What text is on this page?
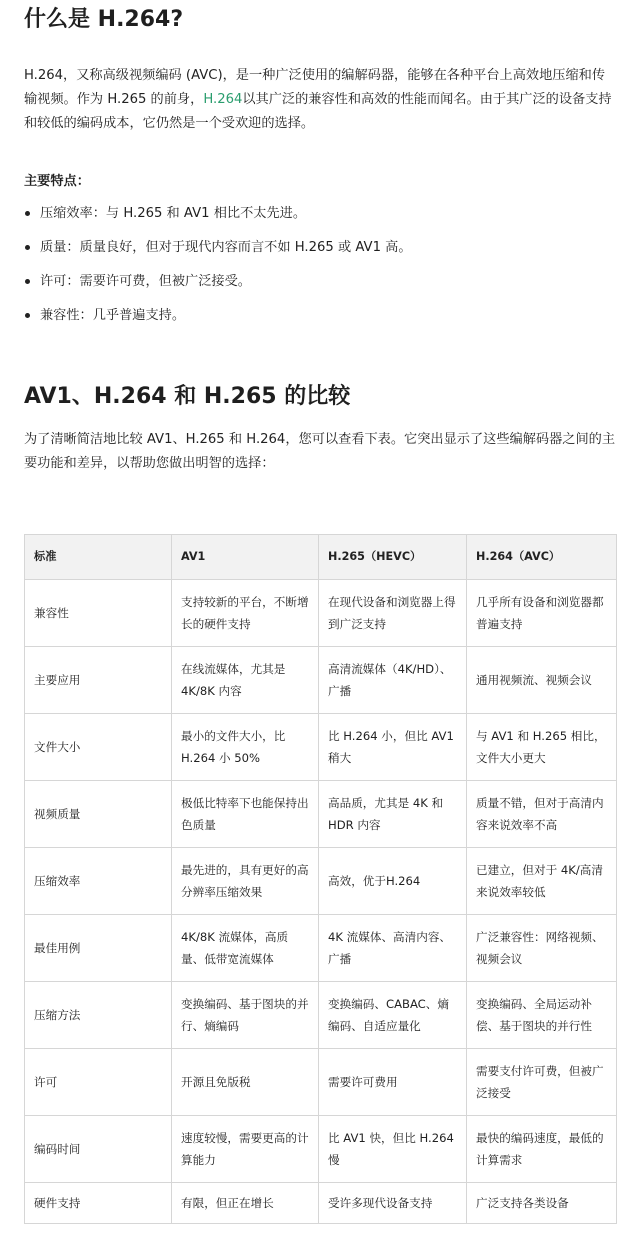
什么是 H.264?

H.264，又称高级视频编码 (AVC)，是一种广泛使用的编解码器，能够在各种平台上高效地压缩和传输视频。作为 H.265 的前身，H.264以其广泛的兼容性和高效的性能而闻名。由于其广泛的设备支持和较低的编码成本，它仍然是一个受欢迎的选择。

主要特点：
压缩效率：与 H.265 和 AV1 相比不太先进。
质量：质量良好，但对于现代内容而言不如 H.265 或 AV1 高。
许可：需要许可费，但被广泛接受。
兼容性：几乎普遍支持。
AV1、H.264 和 H.265 的比较

为了清晰简洁地比较 AV1、H.265 和 H.264，您可以查看下表。它突出显示了这些编解码器之间的主要功能和差异，以帮助您做出明智的选择：

标准	AV1	H.265（HEVC）	H.264（AVC）
兼容性	支持较新的平台，不断增长的硬件支持	在现代设备和浏览器上得到广泛支持	几乎所有设备和浏览器都普遍支持
主要应用	在线流媒体，尤其是 4K/8K 内容	高清流媒体（4K/HD）、广播	通用视频流、视频会议
文件大小	最小的文件大小，比 H.264 小 50%	比 H.264 小，但比 AV1 稍大	与 AV1 和 H.265 相比，文件大小更大
视频质量	极低比特率下也能保持出色质量	高品质，尤其是 4K 和 HDR 内容	质量不错，但对于高清内容来说效率不高
压缩效率	最先进的，具有更好的高分辨率压缩效果	高效，优于H.264	已建立，但对于 4K/高清来说效率较低
最佳用例	4K/8K 流媒体，高质量、低带宽流媒体	4K 流媒体、高清内容、广播	广泛兼容性：网络视频、视频会议
压缩方法	变换编码、基于图块的并行、熵编码	变换编码、CABAC、熵编码、自适应量化	变换编码、全局运动补偿、基于图块的并行性
许可	开源且免版税	需要许可费用	需要支付许可费，但被广泛接受
编码时间	速度较慢，需要更高的计算能力	比 AV1 快，但比 H.264 慢	最快的编码速度，最低的计算需求
硬件支持	有限，但正在增长	受许多现代设备支持	广泛支持各类设备
